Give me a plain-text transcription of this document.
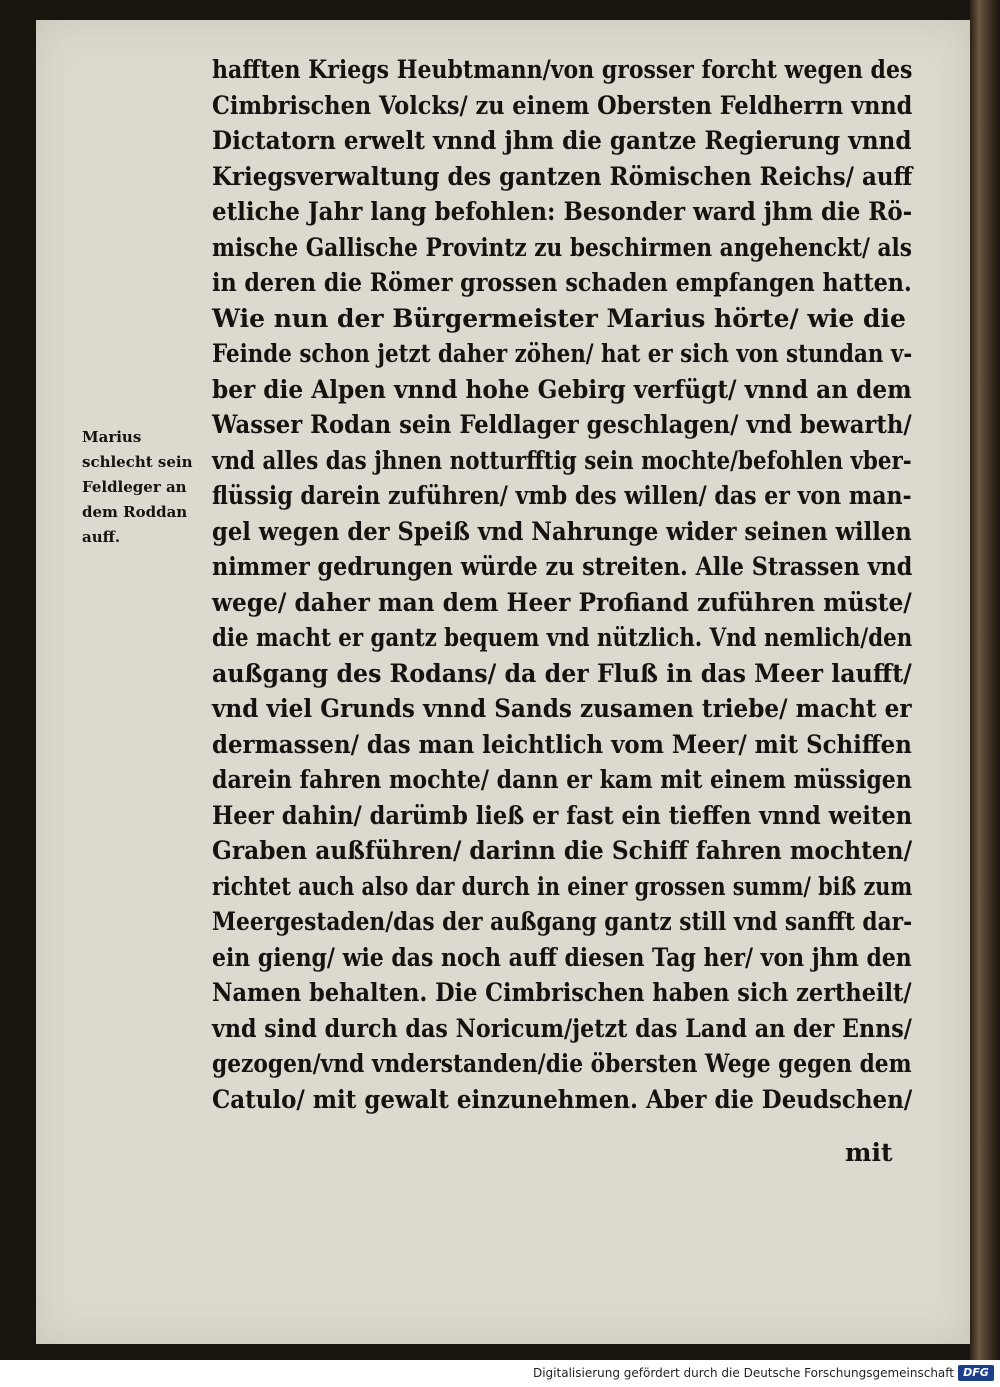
Marius
schlecht sein
Feldleger an
dem Roddan
auff.
hafften Kriegs Heubtmann/von grosser forcht wegen des
Cimbrischen Volcks/ zu einem Obersten Feldherrn vnnd
Dictatorn erwelt vnnd jhm die gantze Regierung vnnd
Kriegsverwaltung des gantzen Römischen Reichs/ auff
etliche Jahr lang befohlen: Besonder ward jhm die Rö-
mische Gallische Provintz zu beschirmen angehenckt/ als
in deren die Römer grossen schaden empfangen hatten.
Wie nun der Bürgermeister Marius hörte/ wie die
Feinde schon jetzt daher zöhen/ hat er sich von stundan v-
ber die Alpen vnnd hohe Gebirg verfügt/ vnnd an dem
Wasser Rodan sein Feldlager geschlagen/ vnd bewarth/
vnd alles das jhnen notturfftig sein mochte/befohlen vber-
flüssig darein zuführen/ vmb des willen/ das er von man-
gel wegen der Speiß vnd Nahrunge wider seinen willen
nimmer gedrungen würde zu streiten. Alle Strassen vnd
wege/ daher man dem Heer Profiand zuführen müste/
die macht er gantz bequem vnd nützlich. Vnd nemlich/den
außgang des Rodans/ da der Fluß in das Meer laufft/
vnd viel Grunds vnnd Sands zusamen triebe/ macht er
dermassen/ das man leichtlich vom Meer/ mit Schiffen
darein fahren mochte/ dann er kam mit einem müssigen
Heer dahin/ darümb ließ er fast ein tieffen vnnd weiten
Graben außführen/ darinn die Schiff fahren mochten/
richtet auch also dar durch in einer grossen summ/ biß zum
Meergestaden/das der außgang gantz still vnd sanfft dar-
ein gieng/ wie das noch auff diesen Tag her/ von jhm den
Namen behalten. Die Cimbrischen haben sich zertheilt/
vnd sind durch das Noricum/jetzt das Land an der Enns/
gezogen/vnd vnderstanden/die öbersten Wege gegen dem
Catulo/ mit gewalt einzunehmen. Aber die Deudschen/
mit
Digitalisierung gefördert durch die Deutsche Forschungsgemeinschaft DFG
